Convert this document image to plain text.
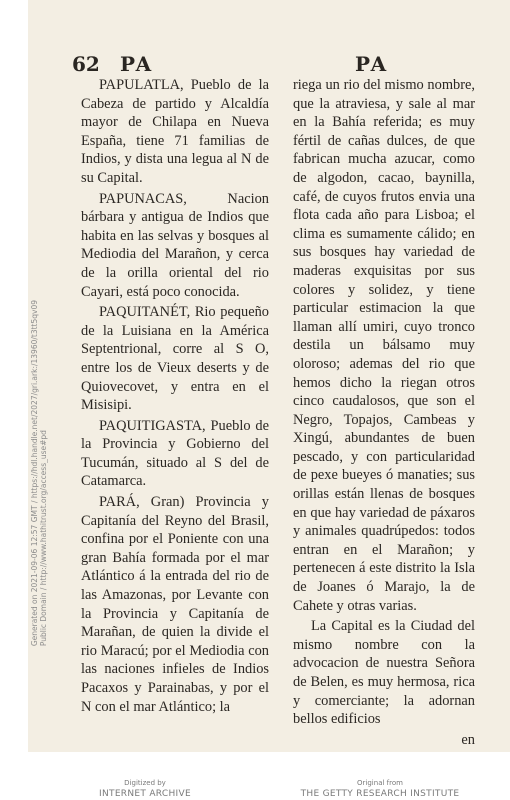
Generated on 2021-09-06 12:57 GMT / https://hdl.handle.net/2027/gri.ark:/13960/t3tt5qv09 Public Domain / http://www.hathitrust.org/access_use#pd
62 PA	PA

PAPULATLA, Pueblo de la Cabeza de partido y Alcaldía mayor de Chilapa en Nueva España, tiene 71 familias de Indios, y dista una legua al N de su Capital.

PAPUNACAS, Nacion bárbara y antigua de Indios que habita en las selvas y bosques al Mediodia del Marañon, y cerca de la orilla oriental del rio Cayari, está poco conocida.

PAQUITANÉT, Rio pequeño de la Luisiana en la América Septentrional, corre al S O, entre los de Vieux deserts y de Quiovecovet, y entra en el Misisipi.

PAQUITIGASTA, Pueblo de la Provincia y Gobierno del Tucumán, situado al S del de Catamarca.

PARÁ, Gran) Provincia y Capitanía del Reyno del Brasil, confina por el Poniente con una gran Bahía formada por el mar Atlántico á la entrada del rio de las Amazonas, por Levante con la Provincia y Capitanía de Marañan, de quien la divide el rio Maracú; por el Mediodia con las naciones infieles de Indios Pacaxos y Parainabas, y por el N con el mar Atlántico; la

riega un rio del mismo nombre, que la atraviesa, y sale al mar en la Bahía referida; es muy fértil de cañas dulces, de que fabrican mucha azucar, como de algodon, cacao, baynilla, café, de cuyos frutos envia una flota cada año para Lisboa; el clima es sumamente cálido; en sus bosques hay variedad de maderas exquisitas por sus colores y solidez, y tiene particular estimacion la que llaman allí umiri, cuyo tronco destila un bálsamo muy oloroso; ademas del rio que hemos dicho la riegan otros cinco caudalosos, que son el Negro, Topajos, Cambeas y Xingú, abundantes de buen pescado, y con particularidad de pexe bueyes ó manaties; sus orillas están llenas de bosques en que hay variedad de páxaros y animales quadrúpedos: todos entran en el Marañon; y pertenecen á este distrito la Isla de Joanes ó Marajo, la de Cahete y otras varias.

La Capital es la Ciudad del mismo nombre con la advocacion de nuestra Señora de Belen, es muy hermosa, rica y comerciante; la adornan bellos edificios

en

Digitized by
INTERNET ARCHIVE
Original from
THE GETTY RESEARCH INSTITUTE
